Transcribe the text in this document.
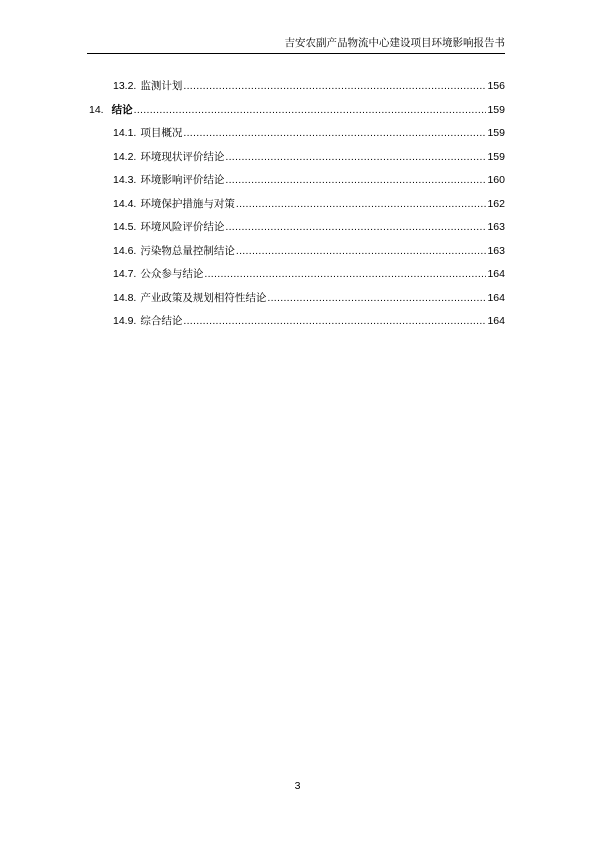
吉安农副产品物流中心建设项目环境影响报告书
13.2. 监测计划 .....	156
14. 结论 .....	159
14.1. 项目概况 .....	159
14.2. 环境现状评价结论 .....	159
14.3. 环境影响评价结论 .....	160
14.4. 环境保护措施与对策 .....	162
14.5. 环境风险评价结论 .....	163
14.6. 污染物总量控制结论 .....	163
14.7. 公众参与结论 .....	164
14.8. 产业政策及规划相符性结论 .....	164
14.9. 综合结论 .....	164
3
